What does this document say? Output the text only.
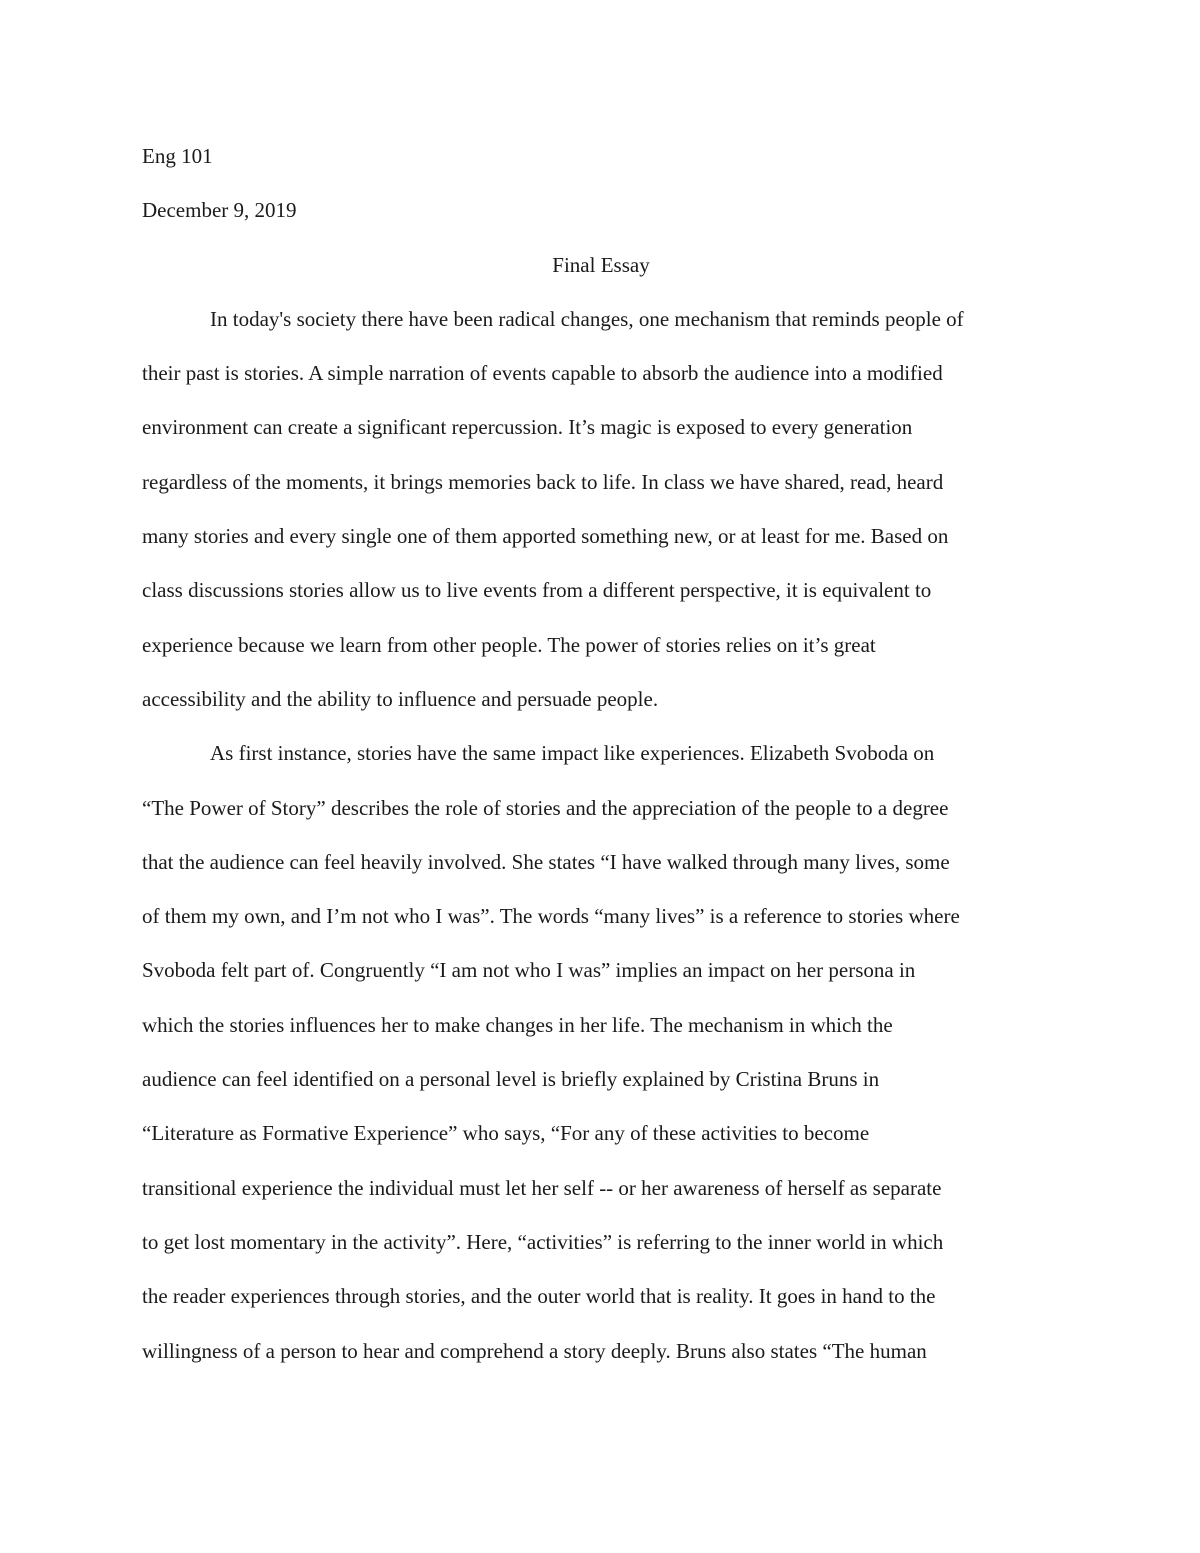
Eng 101
December 9, 2019
Final Essay
In today's society there have been radical changes, one mechanism that reminds people of
their past is stories. A simple narration of events capable to absorb the audience into a modified
environment can create a significant repercussion. It’s magic is exposed to every generation
regardless of the moments, it brings memories back to life. In class we have shared, read, heard
many stories and every single one of them apported something new, or at least for me. Based on
class discussions stories allow us to live events from a different perspective, it is equivalent to
experience because we learn from other people. The power of stories relies on it’s great
accessibility and the ability to influence and persuade people.
As first instance, stories have the same impact like experiences. Elizabeth Svoboda on
“The Power of Story” describes the role of stories and the appreciation of the people to a degree
that the audience can feel heavily involved. She states “I have walked through many lives, some
of them my own, and I’m not who I was”. The words “many lives” is a reference to stories where
Svoboda felt part of. Congruently “I am not who I was” implies an impact on her persona in
which the stories influences her to make changes in her life. The mechanism in which the
audience can feel identified on a personal level is briefly explained by Cristina Bruns in
“Literature as Formative Experience” who says, “For any of these activities to become
transitional experience the individual must let her self -- or her awareness of herself as separate
to get lost momentary in the activity”. Here, “activities” is referring to the inner world in which
the reader experiences through stories, and the outer world that is reality. It goes in hand to the
willingness of a person to hear and comprehend a story deeply. Bruns also states “The human
